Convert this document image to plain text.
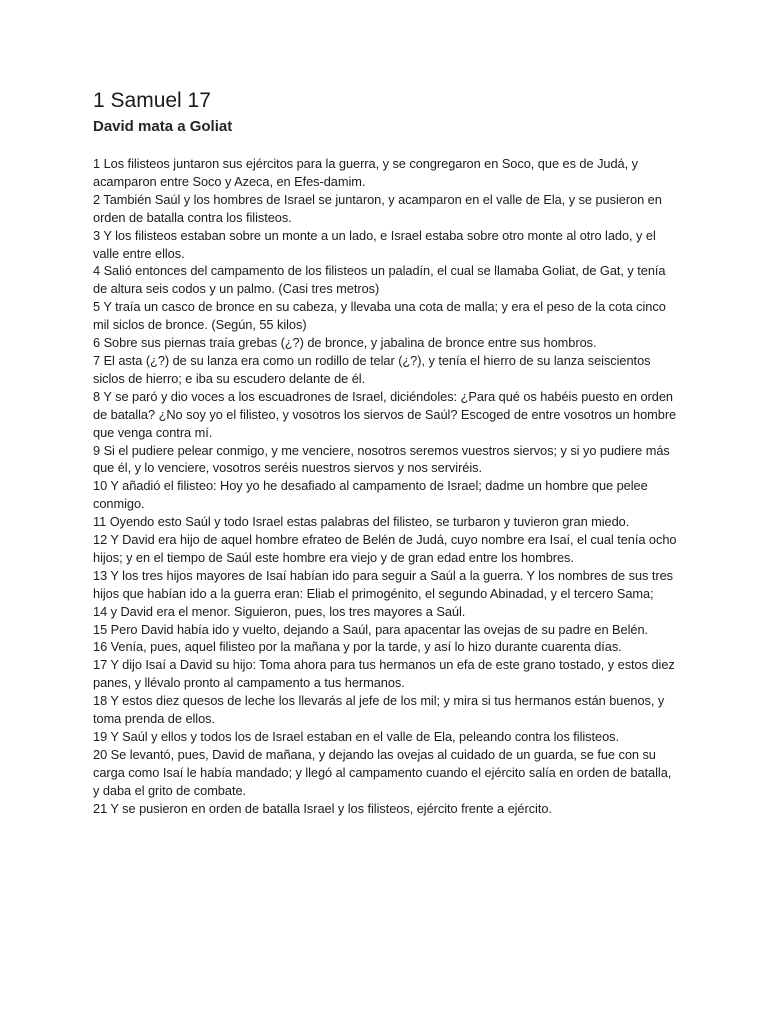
1 Samuel 17
David mata a Goliat

1 Los filisteos juntaron sus ejércitos para la guerra, y se congregaron en Soco, que es de Judá, y acamparon entre Soco y Azeca, en Efes-damim.

2 También Saúl y los hombres de Israel se juntaron, y acamparon en el valle de Ela, y se pusieron en orden de batalla contra los filisteos.

3 Y los filisteos estaban sobre un monte a un lado, e Israel estaba sobre otro monte al otro lado, y el valle entre ellos.

4 Salió entonces del campamento de los filisteos un paladín, el cual se llamaba Goliat, de Gat, y tenía de altura seis codos y un palmo. (Casi tres metros)

5 Y traía un casco de bronce en su cabeza, y llevaba una cota de malla; y era el peso de la cota cinco mil siclos de bronce. (Según, 55 kilos)

6 Sobre sus piernas traía grebas (¿?) de bronce, y jabalina de bronce entre sus hombros.

7 El asta (¿?) de su lanza era como un rodillo de telar (¿?), y tenía el hierro de su lanza seiscientos siclos de hierro; e iba su escudero delante de él.

8 Y se paró y dio voces a los escuadrones de Israel, diciéndoles: ¿Para qué os habéis puesto en orden de batalla? ¿No soy yo el filisteo, y vosotros los siervos de Saúl? Escoged de entre vosotros un hombre que venga contra mí.

9 Si el pudiere pelear conmigo, y me venciere, nosotros seremos vuestros siervos; y si yo pudiere más que él, y lo venciere, vosotros seréis nuestros siervos y nos serviréis.

10 Y añadió el filisteo: Hoy yo he desafiado al campamento de Israel; dadme un hombre que pelee conmigo.

11 Oyendo esto Saúl y todo Israel estas palabras del filisteo, se turbaron y tuvieron gran miedo.

12 Y David era hijo de aquel hombre efrateo de Belén de Judá, cuyo nombre era Isaí, el cual tenía ocho hijos; y en el tiempo de Saúl este hombre era viejo y de gran edad entre los hombres.

13 Y los tres hijos mayores de Isaí habían ido para seguir a Saúl a la guerra. Y los nombres de sus tres hijos que habían ido a la guerra eran: Eliab el primogénito, el segundo Abinadad, y el tercero Sama;

14 y David era el menor. Siguieron, pues, los tres mayores a Saúl.

15 Pero David había ido y vuelto, dejando a Saúl, para apacentar las ovejas de su padre en Belén.

16 Venía, pues, aquel filisteo por la mañana y por la tarde, y así lo hizo durante cuarenta días.

17 Y dijo Isaí a David su hijo: Toma ahora para tus hermanos un efa de este grano tostado, y estos diez panes, y llévalo pronto al campamento a tus hermanos.

18 Y estos diez quesos de leche los llevarás al jefe de los mil; y mira si tus hermanos están buenos, y toma prenda de ellos.

19 Y Saúl y ellos y todos los de Israel estaban en el valle de Ela, peleando contra los filisteos.

20 Se levantó, pues, David de mañana, y dejando las ovejas al cuidado de un guarda, se fue con su carga como Isaí le había mandado; y llegó al campamento cuando el ejército salía en orden de batalla, y daba el grito de combate.

21 Y se pusieron en orden de batalla Israel y los filisteos, ejército frente a ejército.
